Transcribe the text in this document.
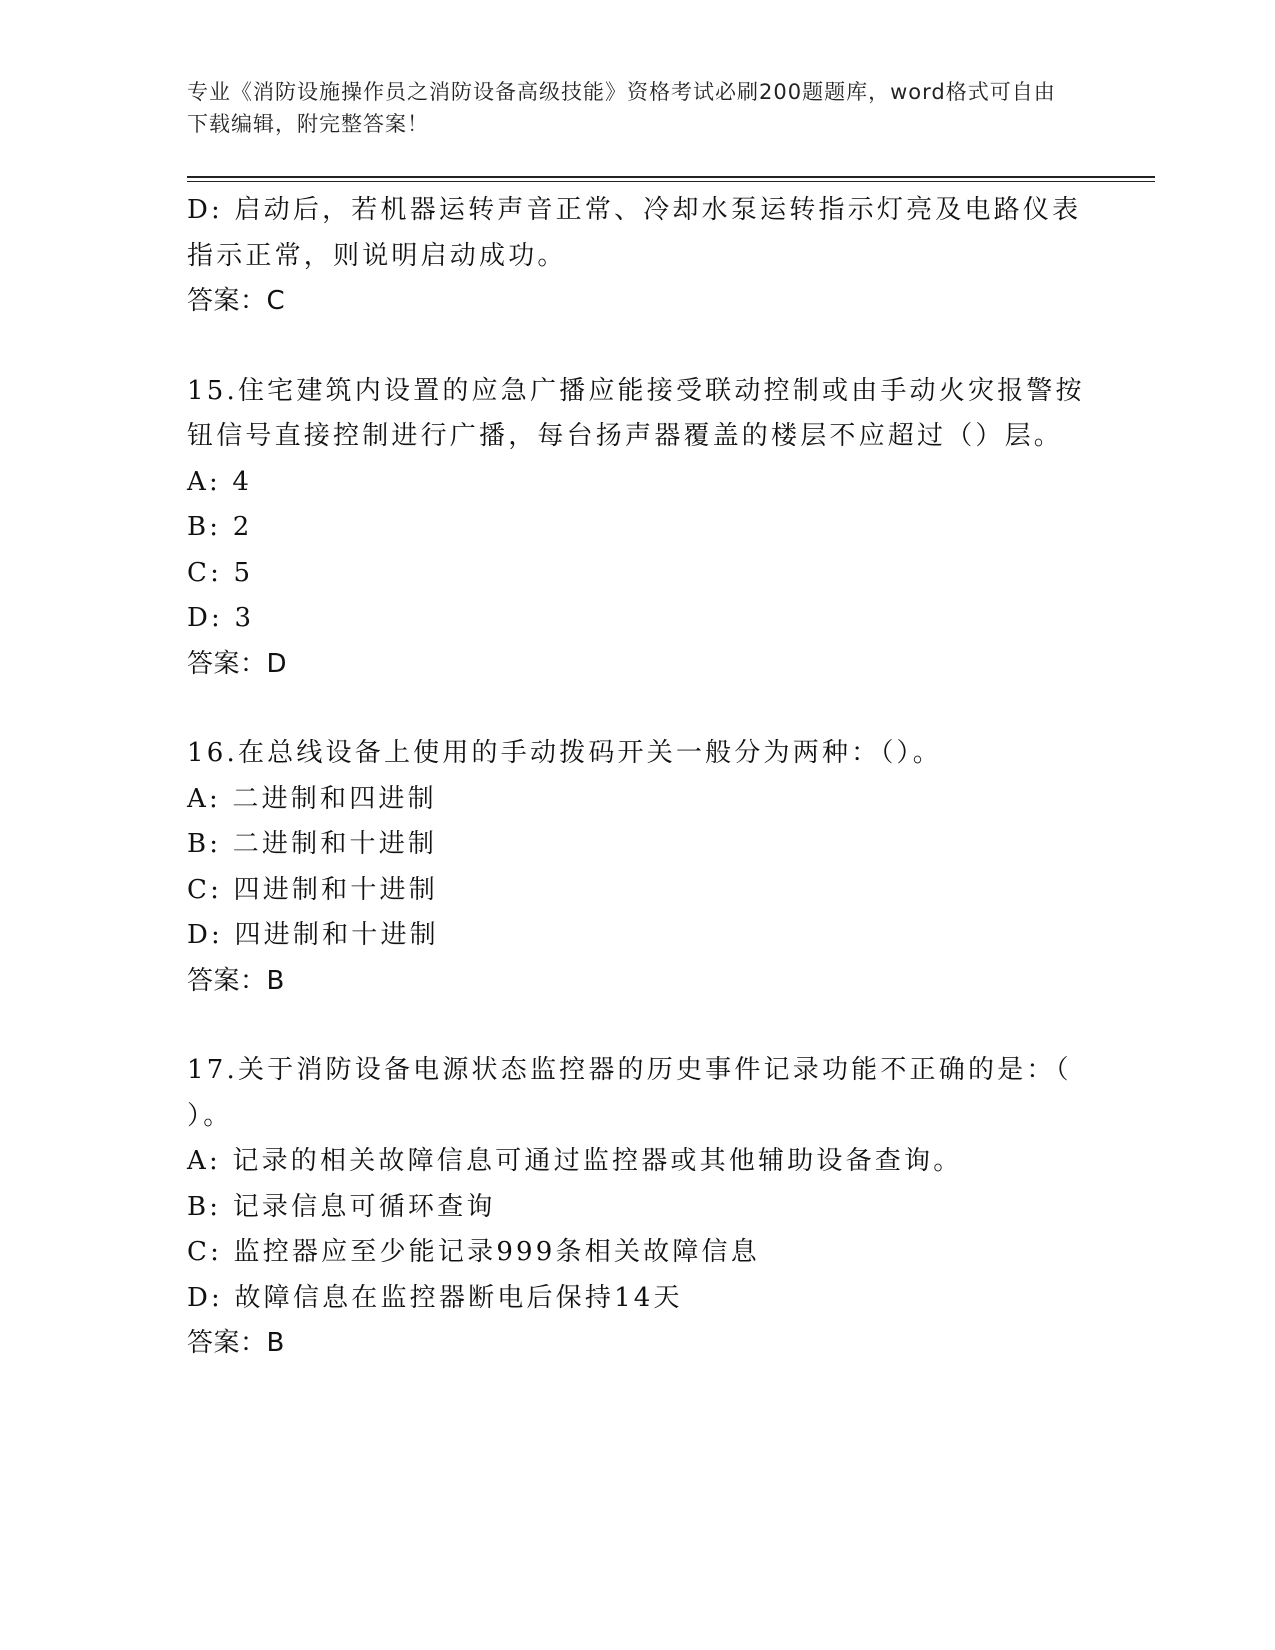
专业《消防设施操作员之消防设备高级技能》资格考试必刷200题题库，word格式可自由下载编辑，附完整答案！

D: 启动后，若机器运转声音正常、冷却水泵运转指示灯亮及电路仪表

指示正常，则说明启动成功。

答案：C

15.住宅建筑内设置的应急广播应能接受联动控制或由手动火灾报警按

钮信号直接控制进行广播，每台扬声器覆盖的楼层不应超过（）层。

A: 4

B: 2

C: 5

D: 3

答案：D

16.在总线设备上使用的手动拨码开关一般分为两种：（）。

A: 二进制和四进制

B: 二进制和十进制

C: 四进制和十进制

D: 四进制和十进制

答案：B

17.关于消防设备电源状态监控器的历史事件记录功能不正确的是：（

）。

A: 记录的相关故障信息可通过监控器或其他辅助设备查询。

B: 记录信息可循环查询

C: 监控器应至少能记录999条相关故障信息

D: 故障信息在监控器断电后保持14天

答案：B
